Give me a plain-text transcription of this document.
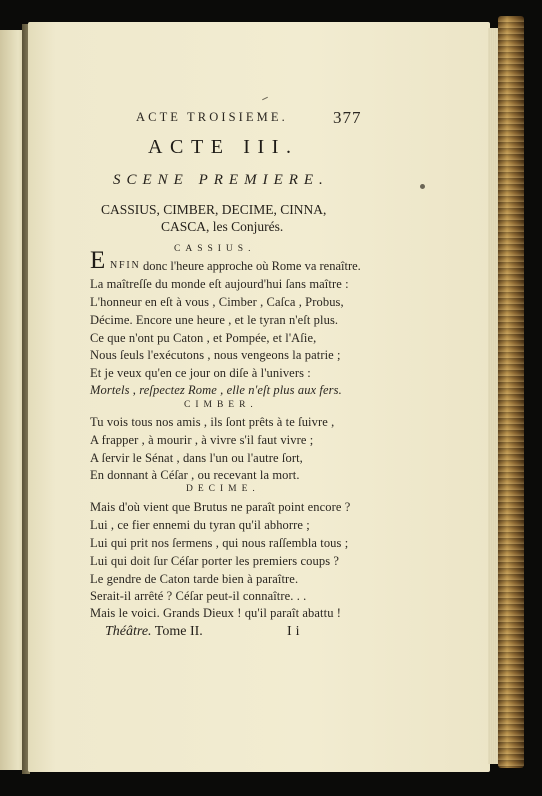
ACTE TROISIEME.	377
ACTE III.
SCENE PREMIERE.
CASSIUS, CIMBER, DECIME, CINNA,
CASCA, les Conjurés.
CASSIUS.
E NFIN donc l'heure approche où Rome va renaître.
La maîtreſſe du monde eſt aujourd'hui ſans maître :
L'honneur en eſt à vous , Cimber , Caſca , Probus,
Décime. Encore une heure , et le tyran n'eſt plus.
Ce que n'ont pu Caton , et Pompée, et l'Aſie,
Nous ſeuls l'exécutons , nous vengeons la patrie ;
Et je veux qu'en ce jour on diſe à l'univers :
Mortels , reſpectez Rome , elle n'eſt plus aux fers.
CIMBER.
Tu vois tous nos amis , ils ſont prêts à te ſuivre ,
A frapper , à mourir , à vivre s'il faut vivre ;
A ſervir le Sénat , dans l'un ou l'autre ſort,
En donnant à Céſar , ou recevant la mort.
DECIME.
Mais d'où vient que Brutus ne paraît point encore ?
Lui , ce fier ennemi du tyran qu'il abhorre ;
Lui qui prit nos ſermens , qui nous raſſembla tous ;
Lui qui doit ſur Céſar porter les premiers coups ?
Le gendre de Caton tarde bien à paraître.
Serait-il arrêté ? Céſar peut-il connaître. . .
Mais le voici. Grands Dieux ! qu'il paraît abattu !
Théâtre. Tome II.	Ii
